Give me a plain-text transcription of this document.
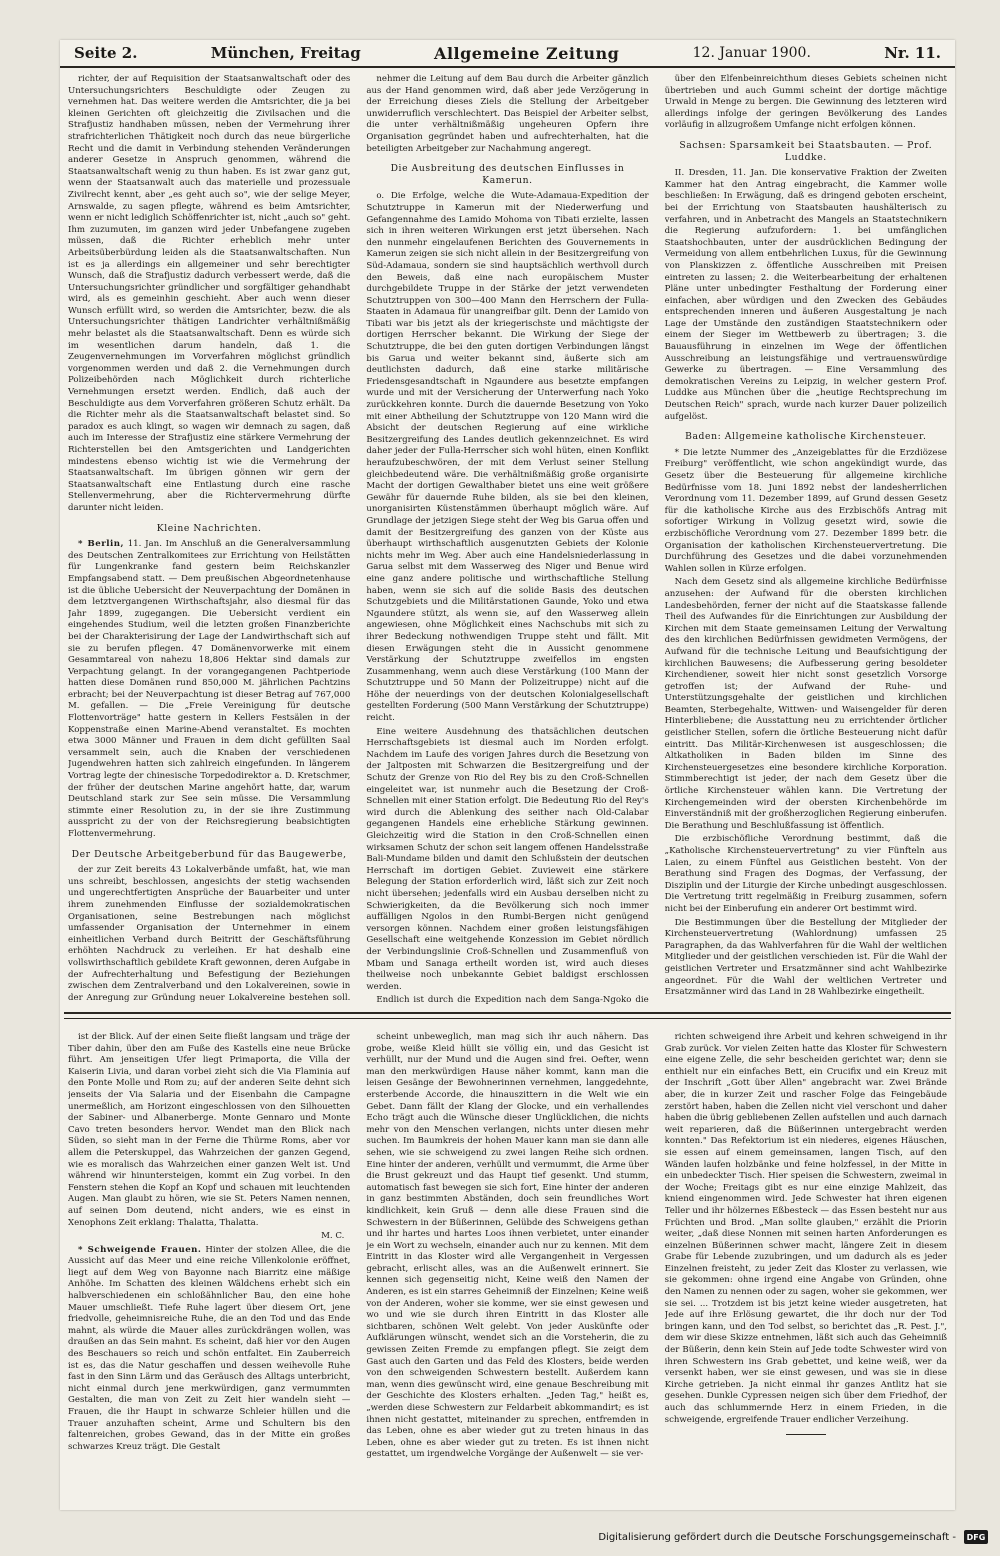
Seite 2.	München, Freitag	Allgemeine Zeitung	12. Januar 1900.	Nr. 11.

richter, der auf Requisition der Staatsanwaltschaft oder des Untersuchungsrichters Beschuldigte oder Zeugen zu vernehmen hat. Das weitere werden die Amtsrichter, die ja bei kleinen Gerichten oft gleichzeitig die Zivilsachen und die Strafjustiz handhaben müssen, neben der Vermehrung ihrer strafrichterlichen Thätigkeit noch durch das neue bürgerliche Recht und die damit in Verbindung stehenden Veränderungen anderer Gesetze in Anspruch genommen, während die Staatsanwaltschaft wenig zu thun haben. Es ist zwar ganz gut, wenn der Staatsanwalt auch das materielle und prozessuale Zivilrecht kennt, aber „es geht auch so", wie der selige Meyer, Arnswalde, zu sagen pflegte, während es beim Amtsrichter, wenn er nicht lediglich Schöffenrichter ist, nicht „auch so" geht. Ihm zuzumuten, im ganzen wird jeder Unbefangene zugeben müssen, daß die Richter erheblich mehr unter Arbeitsüberbürdung leiden als die Staatsanwaltschaften. Nun ist es ja allerdings ein allgemeiner und sehr berechtigter Wunsch, daß die Strafjustiz dadurch verbessert werde, daß die Untersuchungsrichter gründlicher und sorgfältiger gehandhabt wird, als es gemeinhin geschieht. Aber auch wenn dieser Wunsch erfüllt wird, so werden die Amtsrichter, bezw. die als Untersuchungsrichter thätigen Landrichter verhältnißmäßig mehr belastet als die Staatsanwaltschaft. Denn es würde sich im wesentlichen darum handeln, daß 1. die Zeugenvernehmungen im Vorverfahren möglichst gründlich vorgenommen werden und daß 2. die Vernehmungen durch Polizeibehörden nach Möglichkeit durch richterliche Vernehmungen ersetzt werden. Endlich, daß auch der Beschuldigte aus dem Vorverfahren größeren Schutz erhält. Da die Richter mehr als die Staatsanwaltschaft belastet sind. So paradox es auch klingt, so wagen wir demnach zu sagen, daß auch im Interesse der Strafjustiz eine stärkere Vermehrung der Richterstellen bei den Amtsgerichten und Landgerichten mindestens ebenso wichtig ist wie die Vermehrung der Staatsanwaltschaft. Im übrigen gönnen wir gern der Staatsanwaltschaft eine Entlastung durch eine rasche Stellenvermehrung, aber die Richtervermehrung dürfte darunter nicht leiden.

Kleine Nachrichten.

* Berlin, 11. Jan. Im Anschluß an die Generalversammlung des Deutschen Zentralkomitees zur Errichtung von Heilstätten für Lungenkranke fand gestern beim Reichskanzler Empfangsabend statt. — Dem preußischen Abgeordnetenhause ist die übliche Uebersicht der Neuverpachtung der Domänen in dem letztvergangenen Wirthschaftsjahr, also diesmal für das Jahr 1899, zugegangen. Die Uebersicht verdient ein eingehendes Studium, weil die letzten großen Finanzberichte bei der Charakterisirung der Lage der Landwirthschaft sich auf sie zu berufen pflegen. 47 Domänenvorwerke mit einem Gesammtareal von nahezu 18,806 Hektar sind damals zur Verpachtung gelangt. In der vorangegangenen Pachtperiode hatten diese Domänen rund 850,000 M. jährlichen Pachtzins erbracht; bei der Neuverpachtung ist dieser Betrag auf 767,000 M. gefallen. — Die „Freie Vereinigung für deutsche Flottenvorträge" hatte gestern in Kellers Festsälen in der Koppenstraße einen Marine-Abend veranstaltet. Es mochten etwa 3000 Männer und Frauen in dem dicht gefüllten Saal versammelt sein, auch die Knaben der verschiedenen Jugendwehren hatten sich zahlreich eingefunden. In längerem Vortrag legte der chinesische Torpedodirektor a. D. Kretschmer, der früher der deutschen Marine angehört hatte, dar, warum Deutschland stark zur See sein müsse. Die Versammlung stimmte einer Resolution zu, in der sie ihre Zustimmung ausspricht zu der von der Reichsregierung beabsichtigten Flottenvermehrung.

Der Deutsche Arbeitgeberbund für das Baugewerbe,

der zur Zeit bereits 43 Lokalverbände umfaßt, hat, wie man uns schreibt, beschlossen, angesichts der stetig wachsenden und ungerechtfertigten Ansprüche der Bauarbeiter und unter ihrem zunehmenden Einflusse der sozialdemokratischen Organisationen, seine Bestrebungen nach möglichst umfassender Organisation der Unternehmer in einem einheitlichen Verband durch Beitritt der Geschäftsführung erhöhten Nachdruck zu verleihen. Er hat deshalb eine vollswirthschaftlich gebildete Kraft gewonnen, deren Aufgabe in der Aufrechterhaltung und Befestigung der Beziehungen zwischen dem Zentralverband und den Lokalvereinen, sowie in der Anregung zur Gründung neuer Lokalvereine bestehen soll.

nehmer die Leitung auf dem Bau durch die Arbeiter gänzlich aus der Hand genommen wird, daß aber jede Verzögerung in der Erreichung dieses Ziels die Stellung der Arbeitgeber unwiderruflich verschlechtert. Das Beispiel der Arbeiter selbst, die unter verhältnißmäßig ungeheuren Opfern ihre Organisation gegründet haben und aufrechterhalten, hat die beteiligten Arbeitgeber zur Nachahmung angeregt.

Die Ausbreitung des deutschen Einflusses in Kamerun.

o. Die Erfolge, welche die Wute-Adamaua-Expedition der Schutztruppe in Kamerun mit der Niederwerfung und Gefangennahme des Lamido Mohoma von Tibati erzielte, lassen sich in ihren weiteren Wirkungen erst jetzt übersehen. Nach den nunmehr eingelaufenen Berichten des Gouvernements in Kamerun zeigen sie sich nicht allein in der Besitzergreifung von Süd-Adamaua, sondern sie sind hauptsächlich werthvoll durch den Beweis, daß eine nach europäischem Muster durchgebildete Truppe in der Stärke der jetzt verwendeten Schutztruppen von 300—400 Mann den Herrschern der Fulla-Staaten in Adamaua für unangreifbar gilt. Denn der Lamido von Tibati war bis jetzt als der kriegerischste und mächtigste der dortigen Herrscher bekannt. Die Wirkung der Siege der Schutztruppe, die bei den guten dortigen Verbindungen längst bis Garua und weiter bekannt sind, äußerte sich am deutlichsten dadurch, daß eine starke militärische Friedensgesandtschaft in Ngaundere aus besetzte empfangen wurde und mit der Versicherung der Unterwerfung nach Yoko zurückkehren konnte. Durch die dauernde Besetzung von Yoko mit einer Abtheilung der Schutztruppe von 120 Mann wird die Absicht der deutschen Regierung auf eine wirkliche Besitzergreifung des Landes deutlich gekennzeichnet. Es wird daher jeder der Fulla-Herrscher sich wohl hüten, einen Konflikt heraufzubeschwören, der mit dem Verlust seiner Stellung gleichbedeutend wäre. Die verhältnißmäßig große organisirte Macht der dortigen Gewalthaber bietet uns eine weit größere Gewähr für dauernde Ruhe bilden, als sie bei den kleinen, unorganisirten Küstenstämmen überhaupt möglich wäre. Auf Grundlage der jetzigen Siege steht der Weg bis Garua offen und damit der Besitzergreifung des ganzen von der Küste aus überhaupt wirthschaftlich ausgenutzten Gebiets der Kolonie nichts mehr im Weg. Aber auch eine Handelsniederlassung in Garua selbst mit dem Wasserweg des Niger und Benue wird eine ganz andere politische und wirthschaftliche Stellung haben, wenn sie sich auf die solide Basis des deutschen Schutzgebiets und die Militärstationen Gaunde, Yoko und etwa Ngaundere stützt, als wenn sie, auf den Wasserweg allein angewiesen, ohne Möglichkeit eines Nachschubs mit sich zu ihrer Bedeckung nothwendigen Truppe steht und fällt. Mit diesen Erwägungen steht die in Aussicht genommene Verstärkung der Schutztruppe zweifellos im engsten Zusammenhang, wenn auch diese Verstärkung (100 Mann der Schutztruppe und 50 Mann der Polizeitruppe) nicht auf die Höhe der neuerdings von der deutschen Kolonialgesellschaft gestellten Forderung (500 Mann Verstärkung der Schutztruppe) reicht.

Eine weitere Ausdehnung des thatsächlichen deutschen Herrschaftsgebiets ist diesmal auch im Norden erfolgt. Nachdem im Laufe des vorigen Jahres durch die Besetzung von der Jaltposten mit Schwarzen die Besitzergreifung und der Schutz der Grenze von Rio del Rey bis zu den Croß-Schnellen eingeleitet war, ist nunmehr auch die Besetzung der Croß-Schnellen mit einer Station erfolgt. Die Bedeutung Rio del Rey's wird durch die Ablenkung des seither nach Old-Calabar gegangenen Handels eine erhebliche Stärkung gewinnen. Gleichzeitig wird die Station in den Croß-Schnellen einen wirksamen Schutz der schon seit langem offenen Handelsstraße Bali-Mundame bilden und damit den Schlußstein der deutschen Herrschaft im dortigen Gebiet. Zuvieweit eine stärkere Belegung der Station erforderlich wird, läßt sich zur Zeit noch nicht übersehen; jedenfalls wird ein Ausbau derselben nicht zu Schwierigkeiten, da die Bevölkerung sich noch immer auffälligen Ngolos in den Rumbi-Bergen nicht genügend versorgen können. Nachdem einer großen leistungsfähigen Gesellschaft eine weitgehende Konzession im Gebiet nördlich der Verbindungslinie Croß-Schnellen und Zusammenfluß von Mbam und Sanaga ertheilt worden ist, wird auch dieses theilweise noch unbekannte Gebiet baldigst erschlossen werden.

Endlich ist durch die Expedition nach dem Sanga-Ngoko die

über den Elfenbeinreichthum dieses Gebiets scheinen nicht übertrieben und auch Gummi scheint der dortige mächtige Urwald in Menge zu bergen. Die Gewinnung des letzteren wird allerdings infolge der geringen Bevölkerung des Landes vorläufig in allzugroßem Umfange nicht erfolgen können.

Sachsen: Sparsamkeit bei Staatsbauten. — Prof. Luddke.

II. Dresden, 11. Jan. Die konservative Fraktion der Zweiten Kammer hat den Antrag eingebracht, die Kammer wolle beschließen: In Erwägung, daß es dringend geboten erscheint, bei der Errichtung von Staatsbauten haushälterisch zu verfahren, und in Anbetracht des Mangels an Staatstechnikern die Regierung aufzufordern: 1. bei umfänglichen Staatshochbauten, unter der ausdrücklichen Bedingung der Vermeidung von allem entbehrlichen Luxus, für die Gewinnung von Planskizzen z. öffentliche Ausschreiben mit Preisen eintreten zu lassen; 2. die Weiterbearbeitung der erhaltenen Pläne unter unbedingter Festhaltung der Forderung einer einfachen, aber würdigen und den Zwecken des Gebäudes entsprechenden inneren und äußeren Ausgestaltung je nach Lage der Umstände den zuständigen Staatstechnikern oder einem der Sieger im Wettbewerb zu übertragen; 3. die Bauausführung in einzelnen im Wege der öffentlichen Ausschreibung an leistungsfähige und vertrauenswürdige Gewerke zu übertragen. — Eine Versammlung des demokratischen Vereins zu Leipzig, in welcher gestern Prof. Luddke aus München über die „heutige Rechtsprechung im Deutschen Reich" sprach, wurde nach kurzer Dauer polizeilich aufgelöst.

Baden: Allgemeine katholische Kirchensteuer.

* Die letzte Nummer des „Anzeigeblattes für die Erzdiözese Freiburg" veröffentlicht, wie schon angekündigt wurde, das Gesetz über die Besteuerung für allgemeine kirchliche Bedürfnisse vom 18. Juni 1892 nebst der landesherrlichen Verordnung vom 11. Dezember 1899, auf Grund dessen Gesetz für die katholische Kirche aus des Erzbischöfs Antrag mit sofortiger Wirkung in Vollzug gesetzt wird, sowie die erzbischöfliche Verordnung vom 27. Dezember 1899 betr. die Organisation der katholischen Kirchensteuervertretung. Die Durchführung des Gesetzes und die dabei vorzunehmenden Wahlen sollen in Kürze erfolgen.

Nach dem Gesetz sind als allgemeine kirchliche Bedürfnisse anzusehen: der Aufwand für die obersten kirchlichen Landesbehörden, ferner der nicht auf die Staatskasse fallende Theil des Aufwandes für die Einrichtungen zur Ausbildung der Kirchen mit dem Staate gemeinsamen Leitung der Verwaltung des den kirchlichen Bedürfnissen gewidmeten Vermögens, der Aufwand für die technische Leitung und Beaufsichtigung der kirchlichen Bauwesens; die Aufbesserung gering besoldeter Kirchendiener, soweit hier nicht sonst gesetzlich Vorsorge getroffen ist; der Aufwand der Ruhe- und Unterstützungsgehalte der geistlichen und kirchlichen Beamten, Sterbegehalte, Wittwen- und Waisengelder für deren Hinterbliebene; die Ausstattung neu zu errichtender örtlicher geistlicher Stellen, sofern die örtliche Besteuerung nicht dafür eintritt. Das Militär-Kirchenwesen ist ausgeschlossen; die Altkatholiken in Baden bilden im Sinne des Kirchensteuergesetzes eine besondere kirchliche Korporation. Stimmberechtigt ist jeder, der nach dem Gesetz über die örtliche Kirchensteuer wählen kann. Die Vertretung der Kirchengemeinden wird der obersten Kirchenbehörde im Einverständniß mit der großherzoglichen Regierung einberufen. Die Berathung und Beschlußfassung ist öffentlich.

Die erzbischöfliche Verordnung bestimmt, daß die „Katholische Kirchensteuervertretung" zu vier Fünfteln aus Laien, zu einem Fünftel aus Geistlichen besteht. Von der Berathung sind Fragen des Dogmas, der Verfassung, der Disziplin und der Liturgie der Kirche unbedingt ausgeschlossen. Die Vertretung tritt regelmäßig in Freiburg zusammen, sofern nicht bei der Einberufung ein anderer Ort bestimmt wird.

Die Bestimmungen über die Bestellung der Mitglieder der Kirchensteuervertretung (Wahlordnung) umfassen 25 Paragraphen, da das Wahlverfahren für die Wahl der weltlichen Mitglieder und der geistlichen verschieden ist. Für die Wahl der geistlichen Vertreter und Ersatzmänner sind acht Wahlbezirke angeordnet. Für die Wahl der weltlichen Vertreter und Ersatzmänner wird das Land in 28 Wahlbezirke eingetheilt.

ist der Blick. Auf der einen Seite fließt langsam und träge der Tiber dahin, über den am Fuße des Kastells eine neue Brücke führt. Am jenseitigen Ufer liegt Primaporta, die Villa der Kaiserin Livia, und daran vorbei zieht sich die Via Flaminia auf den Ponte Molle und Rom zu; auf der anderen Seite dehnt sich jenseits der Via Salaria und der Eisenbahn die Campagne unermeßlich, am Horizont eingeschlossen von den Silhouetten der Sabiner- und Albanerberge. Monte Gennaro und Monte Cavo treten besonders hervor. Wendet man den Blick nach Süden, so sieht man in der Ferne die Thürme Roms, aber vor allem die Peterskuppel, das Wahrzeichen der ganzen Gegend, wie es moralisch das Wahrzeichen einer ganzen Welt ist. Und während wir hinuntersteigen, kommt ein Zug vorbei. In den Fenstern stehen die Kopf an Kopf und schauen mit leuchtenden Augen. Man glaubt zu hören, wie sie St. Peters Namen nennen, auf seinen Dom deutend, nicht anders, wie es einst in Xenophons Zeit erklang: Thalatta, Thalatta.

M. C.

* Schweigende Frauen. Hinter der stolzen Allee, die die Aussicht auf das Meer und eine reiche Villenkolonie eröffnet, liegt auf dem Weg von Bayonne nach Biarritz eine mäßige Anhöhe. Im Schatten des kleinen Wäldchens erhebt sich ein halbverschiedenen ein schloßähnlicher Bau, den eine hohe Mauer umschließt. Tiefe Ruhe lagert über diesem Ort, jene friedvolle, geheimnisreiche Ruhe, die an den Tod und das Ende mahnt, als würde die Mauer alles zurückdrängen wollen, was draußen an das Sein mahnt. Es scheint, daß hier vor den Augen des Beschauers so reich und schön entfaltet. Ein Zauberreich ist es, das die Natur geschaffen und dessen weihevolle Ruhe fast in den Sinn Lärm und das Geräusch des Alltags unterbricht, nicht einmal durch jene merkwürdigen, ganz vermummten Gestalten, die man von Zeit zu Zeit hier wandeln sieht — Frauen, die ihr Haupt in schwarze Schleier hüllen und die Trauer anzuhaften scheint, Arme und Schultern bis den faltenreichen, grobes Gewand, das in der Mitte ein großes schwarzes Kreuz trägt. Die Gestalt

scheint unbeweglich, man mag sich ihr auch nähern. Das grobe, weiße Kleid hüllt sie völlig ein, und das Gesicht ist verhüllt, nur der Mund und die Augen sind frei. Oefter, wenn man den merkwürdigen Hause näher kommt, kann man die leisen Gesänge der Bewohnerinnen vernehmen, langgedehnte, ersterbende Accorde, die hinauszittern in die Welt wie ein Gebet. Dann fällt der Klang der Glocke, und ein verhallendes Echo trägt auch die Wünsche dieser Unglücklichen, die nichts mehr von den Menschen verlangen, nichts unter diesen mehr suchen. Im Baumkreis der hohen Mauer kann man sie dann alle sehen, wie sie schweigend zu zwei langen Reihe sich ordnen. Eine hinter der anderen, verhüllt und vermummt, die Arme über die Brust gekreuzt und das Haupt tief gesenkt. Und stumm, automatisch fast bewegen sie sich fort, Eine hinter der anderen in ganz bestimmten Abständen, doch sein freundliches Wort kindlichkeit, kein Gruß — denn alle diese Frauen sind die Schwestern in der Büßerinnen, Gelübde des Schweigens gethan und ihr hartes und hartes Loos ihnen verbietet, unter einander je ein Wort zu wechseln, einander auch nur zu kennen. Mit dem Eintritt in das Kloster wird alle Vergangenheit in Vergessen gebracht, erlischt alles, was an die Außenwelt erinnert. Sie kennen sich gegenseitig nicht, Keine weiß den Namen der Anderen, es ist ein starres Geheimniß der Einzelnen; Keine weiß von der Anderen, woher sie komme, wer sie einst gewesen und wo und wie sie durch ihren Eintritt in das Kloster alle sichtbaren, schönen Welt gelebt. Von jeder Auskünfte oder Aufklärungen wünscht, wendet sich an die Vorsteherin, die zu gewissen Zeiten Fremde zu empfangen pflegt. Sie zeigt dem Gast auch den Garten und das Feld des Klosters, beide werden von den schweigenden Schwestern bestellt. Außerdem kann man, wenn dies gewünscht wird, eine genaue Beschreibung mit der Geschichte des Klosters erhalten. „Jeden Tag," heißt es, „werden diese Schwestern zur Feldarbeit abkommandirt; es ist ihnen nicht gestattet, miteinander zu sprechen, entfremden in das Leben, ohne es aber wieder gut zu treten hinaus in das Leben, ohne es aber wieder gut zu treten. Es ist ihnen nicht gestattet, um irgendwelche Vorgänge der Außenwelt — sie ver-

richten schweigend ihre Arbeit und kehren schweigend in ihr Grab zurück. Vor vielen Zeiten hatte das Kloster für Schwestern eine eigene Zelle, die sehr bescheiden gerichtet war; denn sie enthielt nur ein einfaches Bett, ein Crucifix und ein Kreuz mit der Inschrift „Gott über Allen" angebracht war. Zwei Brände aber, die in kurzer Zeit und rascher Folge das Feingebäude zerstört haben, haben die Zellen nicht viel verschont und daher haben die übrig gebliebenen Zellen aufstellen und auch darnach weit reparieren, daß die Büßerinnen untergebracht werden konnten." Das Refektorium ist ein niederes, eigenes Häuschen, sie essen auf einem gemeinsamen, langen Tisch, auf den Wänden laufen holzbänke und feine holzfessel, in der Mitte in ein unbedeckter Tisch. Hier speisen die Schwestern, zweimal in der Woche; Freitags gibt es nur eine einzige Mahlzeit, das kniend eingenommen wird. Jede Schwester hat ihren eigenen Teller und ihr hölzernes Eßbesteck — das Essen besteht nur aus Früchten und Brod. „Man sollte glauben," erzählt die Priorin weiter, „daß diese Nonnen mit seinen harten Anforderungen es einzelnen Büßerinnen schwer macht, längere Zeit in diesem Grabe für Lebende zuzubringen, und um dadurch als es jeder Einzelnen freisteht, zu jeder Zeit das Kloster zu verlassen, wie sie gekommen: ohne irgend eine Angabe von Gründen, ohne den Namen zu nennen oder zu sagen, woher sie gekommen, wer sie sei. ... Trotzdem ist bis jetzt keine wieder ausgetreten, hat Jede auf ihre Erlösung gewartet, die ihr doch nur der Tod bringen kann, und den Tod selbst, so berichtet das „R. Pest. J.", dem wir diese Skizze entnehmen, läßt sich auch das Geheimniß der Büßerin, denn kein Stein auf Jede todte Schwester wird von ihren Schwestern ins Grab gebettet, und keine weiß, wer da versenkt haben, wer sie einst gewesen, und was sie in diese Kirche getrieben. Ja nicht einmal ihr ganzes Antlitz hat sie gesehen. Dunkle Cypressen neigen sich über dem Friedhof, der auch das schlummernde Herz in einem Frieden, in die schweigende, ergreifende Trauer endlicher Verzeihung.

Digitalisierung gefördert durch die Deutsche Forschungsgemeinschaft -	DFG
